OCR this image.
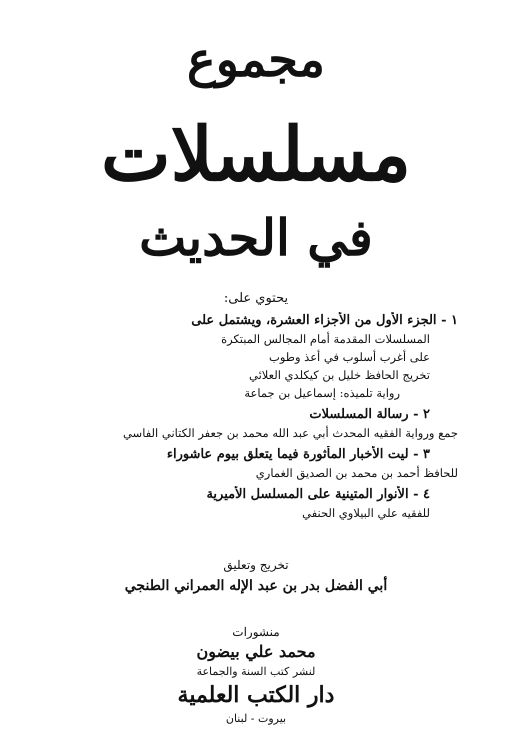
مجموع
مسلسلات
في الحديث
يحتوي على:
١ - الجزء الأول من الأجزاء العشرة، ويشتمل على
المسلسلات المقدمة أمام المجالس المبتكرة
على أغرب أسلوب في أعذ وطوب
تخريج الحافظ خليل بن كيكلدي العلائي
رواية تلميذه: إسماعيل بن جماعة
٢ - رسالة المسلسلات
جمع ورواية الفقيه المحدث أبي عبد الله محمد بن جعفر الكتاني الفاسي
٣ - ليت الأخبار المأثورة فيما يتعلق بيوم عاشوراء
للحافظ أحمد بن محمد بن الصديق الغماري
٤ - الأنوار المتينية على المسلسل الأميرية
للفقيه علي البيلاوي الحنفي
تخريج وتعليق
أبي الفضل بدر بن عبد الإله العمراني الطنجي
منشورات
محمد علي بيضون
لنشر كتب السنة والجماعة
دار الكتب العلمية
بيروت - لبنان
